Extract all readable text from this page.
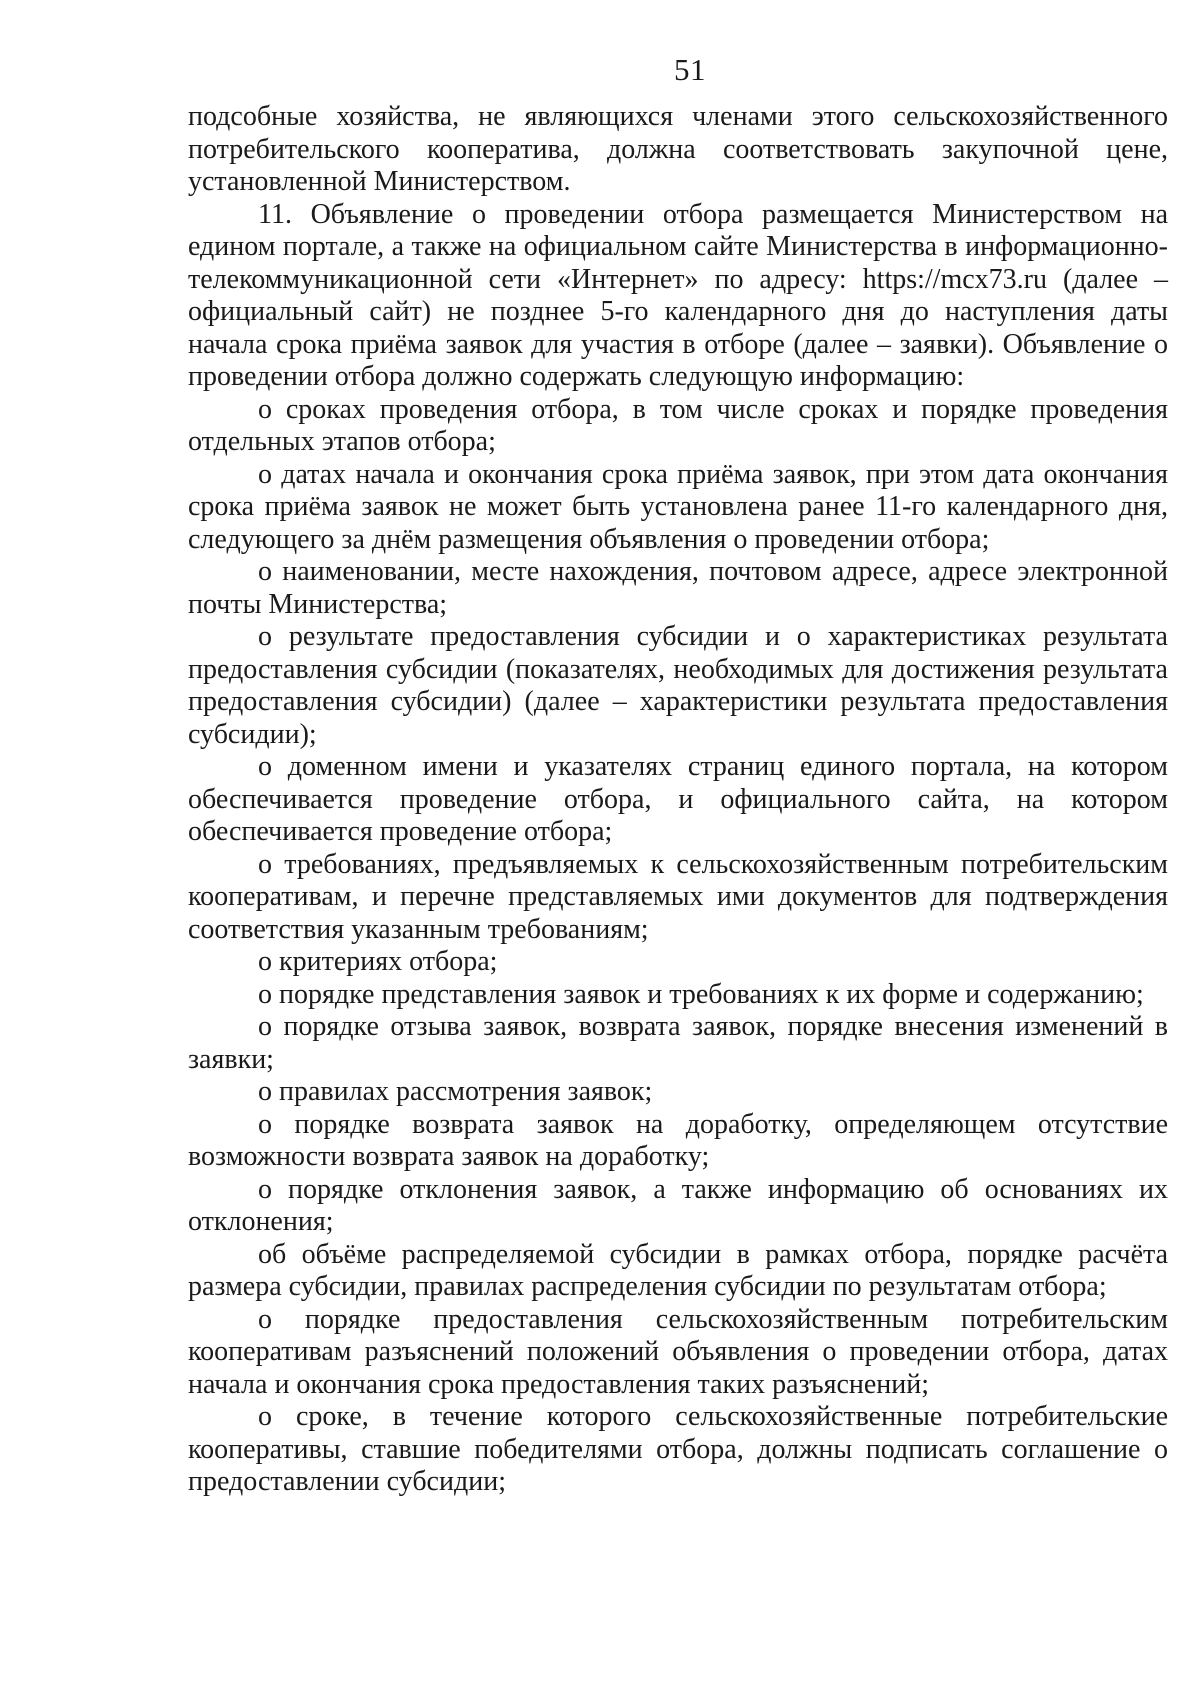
51

подсобные хозяйства, не являющихся членами этого сельскохозяйственного потребительского кооператива, должна соответствовать закупочной цене, установленной Министерством.

11. Объявление о проведении отбора размещается Министерством на едином портале, а также на официальном сайте Министерства в информационно-телекоммуникационной сети «Интернет» по адресу: https://mcx73.ru (далее – официальный сайт) не позднее 5-го календарного дня до наступления даты начала срока приёма заявок для участия в отборе (далее – заявки). Объявление о проведении отбора должно содержать следующую информацию:

о сроках проведения отбора, в том числе сроках и порядке проведения отдельных этапов отбора;

о датах начала и окончания срока приёма заявок, при этом дата окончания срока приёма заявок не может быть установлена ранее 11-го календарного дня, следующего за днём размещения объявления о проведении отбора;

о наименовании, месте нахождения, почтовом адресе, адресе электронной почты Министерства;

о результате предоставления субсидии и о характеристиках результата предоставления субсидии (показателях, необходимых для достижения результата предоставления субсидии) (далее – характеристики результата предоставления субсидии);

о доменном имени и указателях страниц единого портала, на котором обеспечивается проведение отбора, и официального сайта, на котором обеспечивается проведение отбора;

о требованиях, предъявляемых к сельскохозяйственным потребительским кооперативам, и перечне представляемых ими документов для подтверждения соответствия указанным требованиям;

о критериях отбора;

о порядке представления заявок и требованиях к их форме и содержанию;

о порядке отзыва заявок, возврата заявок, порядке внесения изменений в заявки;

о правилах рассмотрения заявок;

о порядке возврата заявок на доработку, определяющем отсутствие возможности возврата заявок на доработку;

о порядке отклонения заявок, а также информацию об основаниях их отклонения;

об объёме распределяемой субсидии в рамках отбора, порядке расчёта размера субсидии, правилах распределения субсидии по результатам отбора;

о порядке предоставления сельскохозяйственным потребительским кооперативам разъяснений положений объявления о проведении отбора, датах начала и окончания срока предоставления таких разъяснений;

о сроке, в течение которого сельскохозяйственные потребительские кооперативы, ставшие победителями отбора, должны подписать соглашение о предоставлении субсидии;
